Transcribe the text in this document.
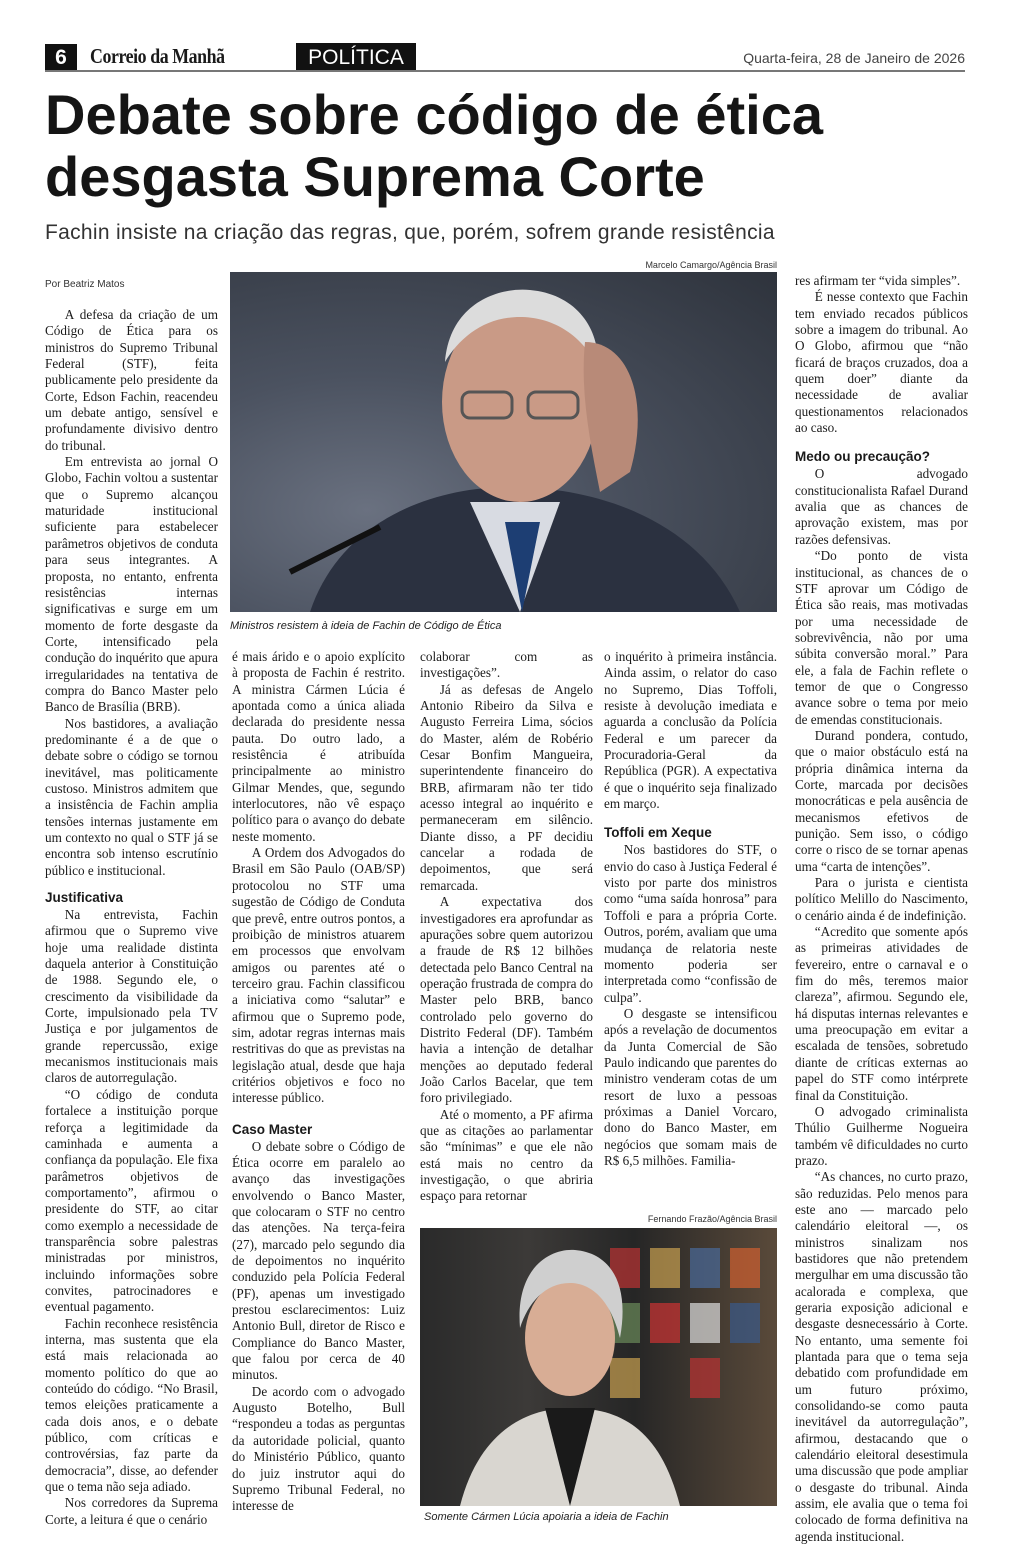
6	Correio da Manhã	POLÍTICA	Quarta-feira, 28 de Janeiro de 2026
Debate sobre código de ética desgasta Suprema Corte
Fachin insiste na criação das regras, que, porém, sofrem grande resistência
Por Beatriz Matos
Marcelo Camargo/Agência Brasil
Ministros resistem à ideia de Fachin de Código de Ética

A defesa da criação de um Código de Ética para os ministros do Supremo Tribunal Federal (STF), feita publicamente pelo presidente da Corte, Edson Fachin, reacendeu um debate antigo, sensível e profundamente divisivo dentro do tribunal.

Em entrevista ao jornal O Globo, Fachin voltou a sustentar que o Supremo alcançou maturidade institucional suficiente para estabelecer parâmetros objetivos de conduta para seus integrantes. A proposta, no entanto, enfrenta resistências internas significativas e surge em um momento de forte desgaste da Corte, intensificado pela condução do inquérito que apura irregularidades na tentativa de compra do Banco Master pelo Banco de Brasília (BRB).

Nos bastidores, a avaliação predominante é a de que o debate sobre o código se tornou inevitável, mas politicamente custoso. Ministros admitem que a insistência de Fachin amplia tensões internas justamente em um contexto no qual o STF já se encontra sob intenso escrutínio público e institucional.

Justificativa

Na entrevista, Fachin afirmou que o Supremo vive hoje uma realidade distinta daquela anterior à Constituição de 1988. Segundo ele, o crescimento da visibilidade da Corte, impulsionado pela TV Justiça e por julgamentos de grande repercussão, exige mecanismos institucionais mais claros de autorregulação.

“O código de conduta fortalece a instituição porque reforça a legitimidade da caminhada e aumenta a confiança da população. Ele fixa parâmetros objetivos de comportamento”, afirmou o presidente do STF, ao citar como exemplo a necessidade de transparência sobre palestras ministradas por ministros, incluindo informações sobre convites, patrocinadores e eventual pagamento.

Fachin reconhece resistência interna, mas sustenta que ela está mais relacionada ao momento político do que ao conteúdo do código. “No Brasil, temos eleições praticamente a cada dois anos, e o debate público, com críticas e controvérsias, faz parte da democracia”, disse, ao defender que o tema não seja adiado.

Nos corredores da Suprema Corte, a leitura é que o cenário

é mais árido e o apoio explícito à proposta de Fachin é restrito. A ministra Cármen Lúcia é apontada como a única aliada declarada do presidente nessa pauta. Do outro lado, a resistência é atribuída principalmente ao ministro Gilmar Mendes, que, segundo interlocutores, não vê espaço político para o avanço do debate neste momento.

A Ordem dos Advogados do Brasil em São Paulo (OAB/SP) protocolou no STF uma sugestão de Código de Conduta que prevê, entre outros pontos, a proibição de ministros atuarem em processos que envolvam amigos ou parentes até o terceiro grau. Fachin classificou a iniciativa como “salutar” e afirmou que o Supremo pode, sim, adotar regras internas mais restritivas do que as previstas na legislação atual, desde que haja critérios objetivos e foco no interesse público.

Caso Master

O debate sobre o Código de Ética ocorre em paralelo ao avanço das investigações envolvendo o Banco Master, que colocaram o STF no centro das atenções. Na terça-feira (27), marcado pelo segundo dia de depoimentos no inquérito conduzido pela Polícia Federal (PF), apenas um investigado prestou esclarecimentos: Luiz Antonio Bull, diretor de Risco e Compliance do Banco Master, que falou por cerca de 40 minutos.

De acordo com o advogado Augusto Botelho, Bull “respondeu a todas as perguntas da autoridade policial, quanto do Ministério Público, quanto do juiz instrutor aqui do Supremo Tribunal Federal, no interesse de

colaborar com as investigações”.

Já as defesas de Angelo Antonio Ribeiro da Silva e Augusto Ferreira Lima, sócios do Master, além de Robério Cesar Bonfim Mangueira, superintendente financeiro do BRB, afirmaram não ter tido acesso integral ao inquérito e permaneceram em silêncio. Diante disso, a PF decidiu cancelar a rodada de depoimentos, que será remarcada.

A expectativa dos investigadores era aprofundar as apurações sobre quem autorizou a fraude de R$ 12 bilhões detectada pelo Banco Central na operação frustrada de compra do Master pelo BRB, banco controlado pelo governo do Distrito Federal (DF). Também havia a intenção de detalhar menções ao deputado federal João Carlos Bacelar, que tem foro privilegiado.

Até o momento, a PF afirma que as citações ao parlamentar são “mínimas” e que ele não está mais no centro da investigação, o que abriria espaço para retornar

o inquérito à primeira instância. Ainda assim, o relator do caso no Supremo, Dias Toffoli, resiste à devolução imediata e aguarda a conclusão da Polícia Federal e um parecer da Procuradoria-Geral da República (PGR). A expectativa é que o inquérito seja finalizado em março.

Toffoli em Xeque

Nos bastidores do STF, o envio do caso à Justiça Federal é visto por parte dos ministros como “uma saída honrosa” para Toffoli e para a própria Corte. Outros, porém, avaliam que uma mudança de relatoria neste momento poderia ser interpretada como “confissão de culpa”.

O desgaste se intensificou após a revelação de documentos da Junta Comercial de São Paulo indicando que parentes do ministro venderam cotas de um resort de luxo a pessoas próximas a Daniel Vorcaro, dono do Banco Master, em negócios que somam mais de R$ 6,5 milhões. Familia-

Fernando Frazão/Agência Brasil
Somente Cármen Lúcia apoiaria a ideia de Fachin

res afirmam ter “vida simples”.

É nesse contexto que Fachin tem enviado recados públicos sobre a imagem do tribunal. Ao O Globo, afirmou que “não ficará de braços cruzados, doa a quem doer” diante da necessidade de avaliar questionamentos relacionados ao caso.

Medo ou precaução?

O advogado constitucionalista Rafael Durand avalia que as chances de aprovação existem, mas por razões defensivas.

“Do ponto de vista institucional, as chances de o STF aprovar um Código de Ética são reais, mas motivadas por uma necessidade de sobrevivência, não por uma súbita conversão moral.” Para ele, a fala de Fachin reflete o temor de que o Congresso avance sobre o tema por meio de emendas constitucionais.

Durand pondera, contudo, que o maior obstáculo está na própria dinâmica interna da Corte, marcada por decisões monocráticas e pela ausência de mecanismos efetivos de punição. Sem isso, o código corre o risco de se tornar apenas uma “carta de intenções”.

Para o jurista e cientista político Melillo do Nascimento, o cenário ainda é de indefinição.

“Acredito que somente após as primeiras atividades de fevereiro, entre o carnaval e o fim do mês, teremos maior clareza”, afirmou. Segundo ele, há disputas internas relevantes e uma preocupação em evitar a escalada de tensões, sobretudo diante de críticas externas ao papel do STF como intérprete final da Constituição.

O advogado criminalista Thúlio Guilherme Nogueira também vê dificuldades no curto prazo.

“As chances, no curto prazo, são reduzidas. Pelo menos para este ano — marcado pelo calendário eleitoral —, os ministros sinalizam nos bastidores que não pretendem mergulhar em uma discussão tão acalorada e complexa, que geraria exposição adicional e desgaste desnecessário à Corte. No entanto, uma semente foi plantada para que o tema seja debatido com profundidade em um futuro próximo, consolidando-se como pauta inevitável da autorregulação”, afirmou, destacando que o calendário eleitoral desestimula uma discussão que pode ampliar o desgaste do tribunal. Ainda assim, ele avalia que o tema foi colocado de forma definitiva na agenda institucional.
